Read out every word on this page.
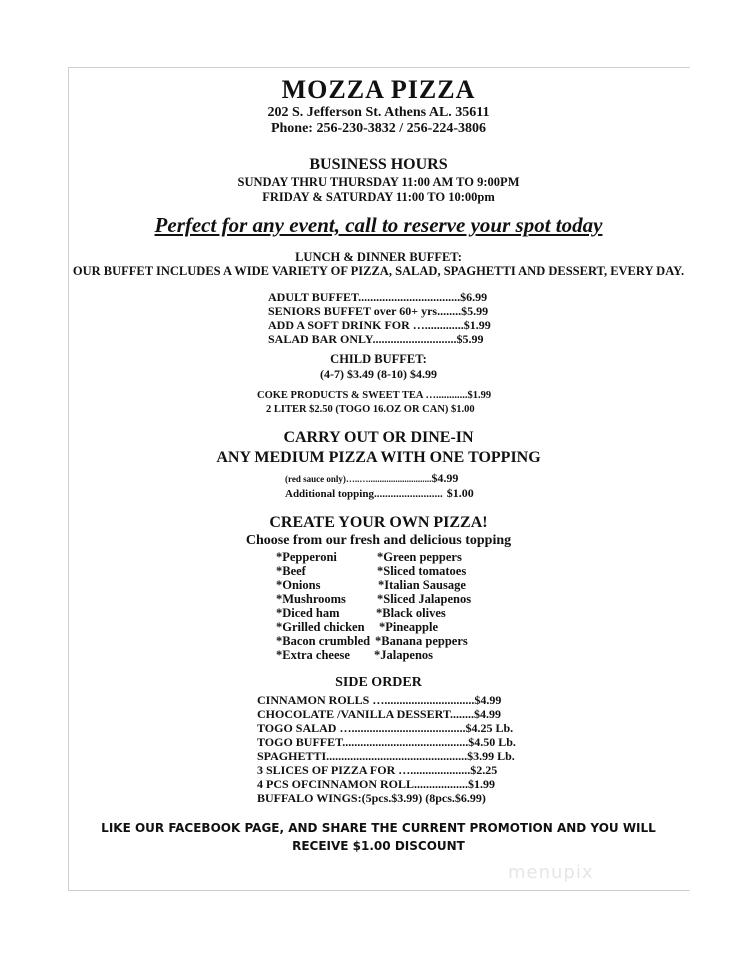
MOZZA PIZZA
202 S. Jefferson St. Athens AL. 35611
Phone: 256-230-3832 / 256-224-3806
BUSINESS HOURS
SUNDAY THRU THURSDAY 11:00 AM TO 9:00PM
FRIDAY & SATURDAY 11:00 TO 10:00pm
Perfect for any event, call to reserve your spot today
LUNCH & DINNER BUFFET:
OUR BUFFET INCLUDES A WIDE VARIETY OF PIZZA, SALAD, SPAGHETTI AND DESSERT, EVERY DAY.
ADULT BUFFET..................................$6.99
SENIORS BUFFET over 60+ yrs........$5.99
ADD A SOFT DRINK FOR ….............$1.99
SALAD BAR ONLY............................$5.99
CHILD BUFFET:
(4-7) $3.49 (8-10) $4.99
COKE PRODUCTS & SWEET TEA …............$1.99
2 LITER $2.50 (TOGO 16.OZ OR CAN) $1.00
CARRY OUT OR DINE-IN
ANY MEDIUM PIZZA WITH ONE TOPPING
(red sauce only)…..…............................$4.99
Additional topping......................... $1.00
CREATE YOUR OWN PIZZA!
Choose from our fresh and delicious topping
*Pepperoni
*Beef
*Onions
*Mushrooms
*Diced ham
*Grilled chicken
*Bacon crumbled
*Extra cheese
*Green peppers
*Sliced tomatoes
*Italian Sausage
*Sliced Jalapenos
*Black olives
*Pineapple
*Banana peppers
*Jalapenos
SIDE ORDER
CINNAMON ROLLS …..............................$4.99
CHOCOLATE /VANILLA DESSERT........$4.99
TOGO SALAD …......................................$4.25 Lb.
TOGO BUFFET..........................................$4.50 Lb.
SPAGHETTI...............................................$3.99 Lb.
3 SLICES OF PIZZA FOR …....................$2.25
4 PCS OFCINNAMON ROLL..................$1.99
BUFFALO WINGS:(5pcs.$3.99) (8pcs.$6.99)
LIKE OUR FACEBOOK PAGE, AND SHARE THE CURRENT PROMOTION AND YOU WILL
RECEIVE $1.00 DISCOUNT
menupix
